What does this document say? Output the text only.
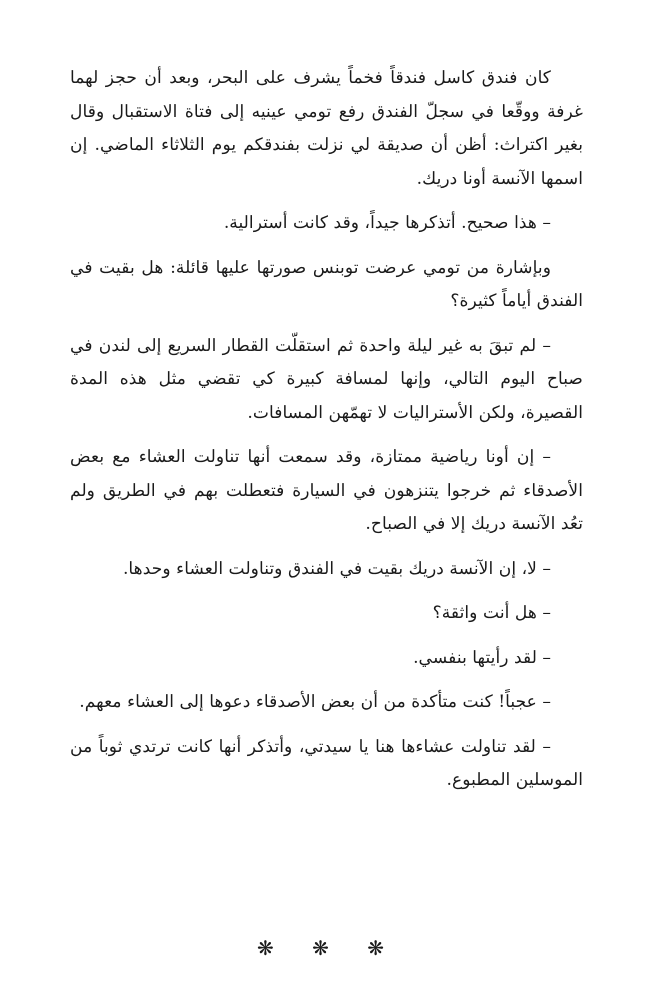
كان فندق كاسل فندقاً فخماً يشرف على البحر، وبعد أن حجز لهما غرفة ووقّعا في سجلّ الفندق رفع تومي عينيه إلى فتاة الاستقبال وقال بغير اكتراث: أظن أن صديقة لي نزلت بفندقكم يوم الثلاثاء الماضي. إن اسمها الآنسة أونا دريك.

– هذا صحيح. أتذكرها جيداً، وقد كانت أسترالية.

وبإشارة من تومي عرضت توبنس صورتها عليها قائلة: هل بقيت في الفندق أياماً كثيرة؟

– لم تبقَ به غير ليلة واحدة ثم استقلّت القطار السريع إلى لندن في صباح اليوم التالي، وإنها لمسافة كبيرة كي تقضي مثل هذه المدة القصيرة، ولكن الأستراليات لا تهمّهن المسافات.

– إن أونا رياضية ممتازة، وقد سمعت أنها تناولت العشاء مع بعض الأصدقاء ثم خرجوا يتنزهون في السيارة فتعطلت بهم في الطريق ولم تعُد الآنسة دريك إلا في الصباح.

– لا، إن الآنسة دريك بقيت في الفندق وتناولت العشاء وحدها.

– هل أنت واثقة؟

– لقد رأيتها بنفسي.

– عجباً! كنت متأكدة من أن بعض الأصدقاء دعوها إلى العشاء معهم.

– لقد تناولت عشاءها هنا يا سيدتي، وأتذكر أنها كانت ترتدي ثوباً من الموسلين المطبوع.

❋ ❋ ❋
